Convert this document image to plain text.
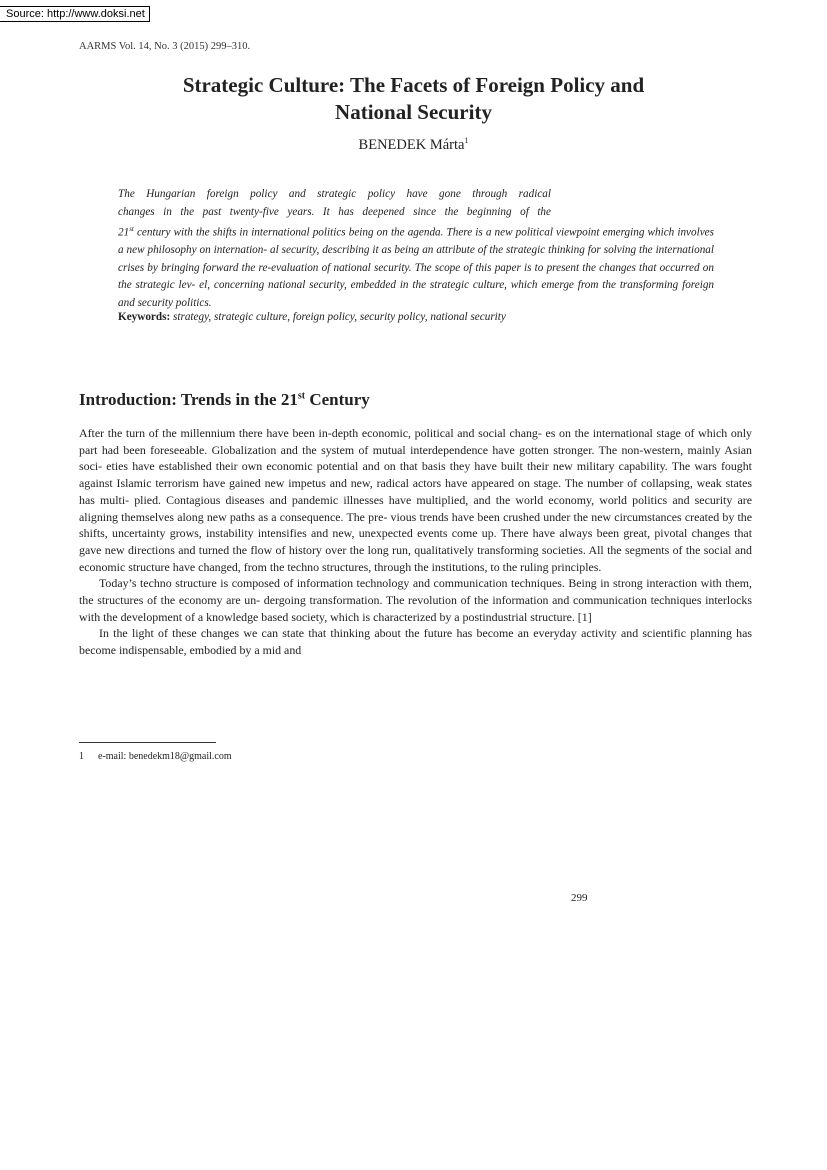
Source: http://www.doksi.net
AARMS Vol. 14, No. 3 (2015) 299–310.
Strategic Culture: The Facets of Foreign Policy and
National Security
BENEDEK Márta$^1$
The Hungarian foreign policy and strategic policy have gone through radical
changes in the past twenty-five years. It has deepened since the beginning of the
21st century with the shifts in international politics being on the agenda. There is a new political viewpoint emerging which involves a new philosophy on internation- al security, describing it as being an attribute of the strategic thinking for solving the international crises by bringing forward the re-evaluation of national security. The scope of this paper is to present the changes that occurred on the strategic lev- el, concerning national security, embedded in the strategic culture, which emerge from the transforming foreign and security politics.
Keywords: strategy, strategic culture, foreign policy, security policy, national security
Introduction: Trends in the 21st Century

After the turn of the millennium there have been in-depth economic, political and social chang- es on the international stage of which only part had been foreseeable. Globalization and the system of mutual interdependence have gotten stronger. The non-western, mainly Asian soci- eties have established their own economic potential and on that basis they have built their new military capability. The wars fought against Islamic terrorism have gained new impetus and new, radical actors have appeared on stage. The number of collapsing, weak states has multi- plied. Contagious diseases and pandemic illnesses have multiplied, and the world economy, world politics and security are aligning themselves along new paths as a consequence. The pre- vious trends have been crushed under the new circumstances created by the shifts, uncertainty grows, instability intensifies and new, unexpected events come up. There have always been great, pivotal changes that gave new directions and turned the flow of history over the long run, qualitatively transforming societies. All the segments of the social and economic structure have changed, from the techno structures, through the institutions, to the ruling principles.

Today’s techno structure is composed of information technology and communication techniques. Being in strong interaction with them, the structures of the economy are un- dergoing transformation. The revolution of the information and communication techniques interlocks with the development of a knowledge based society, which is characterized by a postindustrial structure. [1]

In the light of these changes we can state that thinking about the future has become an everyday activity and scientific planning has become indispensable, embodied by a mid and

1 e-mail: benedekm18@gmail.com
299
